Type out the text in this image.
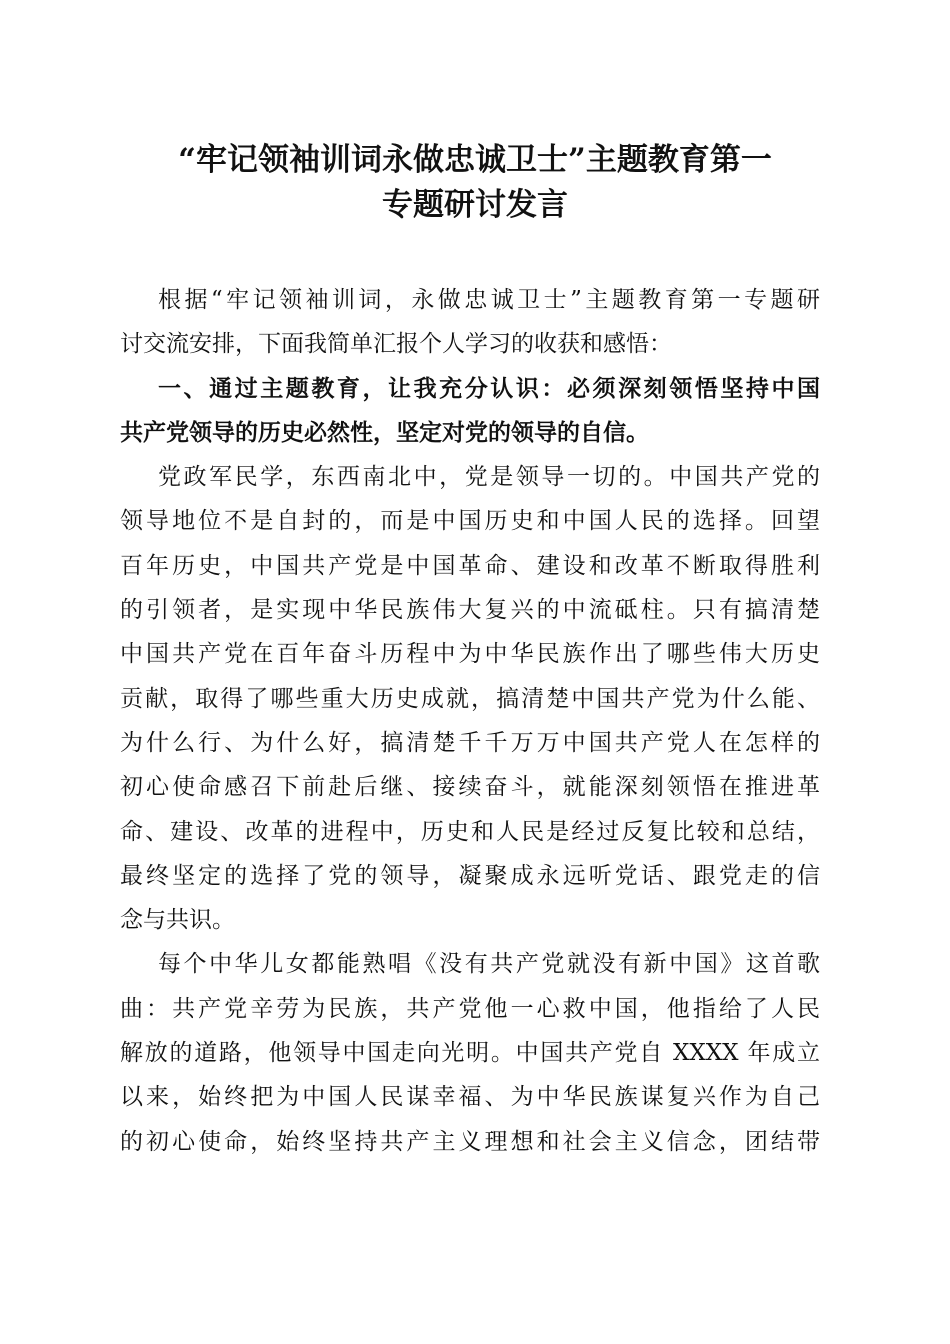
“牢记领袖训词永做忠诚卫士”主题教育第一
专题研讨发言
根据“牢记领袖训词，永做忠诚卫士”主题教育第一专题研
讨交流安排，下面我简单汇报个人学习的收获和感悟：
一、通过主题教育，让我充分认识：必须深刻领悟坚持中国
共产党领导的历史必然性，坚定对党的领导的自信。
党政军民学，东西南北中，党是领导一切的。中国共产党的
领导地位不是自封的，而是中国历史和中国人民的选择。回望
百年历史，中国共产党是中国革命、建设和改革不断取得胜利
的引领者，是实现中华民族伟大复兴的中流砥柱。只有搞清楚
中国共产党在百年奋斗历程中为中华民族作出了哪些伟大历史
贡献，取得了哪些重大历史成就，搞清楚中国共产党为什么能、
为什么行、为什么好，搞清楚千千万万中国共产党人在怎样的
初心使命感召下前赴后继、接续奋斗，就能深刻领悟在推进革
命、建设、改革的进程中，历史和人民是经过反复比较和总结，
最终坚定的选择了党的领导，凝聚成永远听党话、跟党走的信
念与共识。
每个中华儿女都能熟唱《没有共产党就没有新中国》这首歌
曲：共产党辛劳为民族，共产党他一心救中国，他指给了人民
解放的道路，他领导中国走向光明。中国共产党自 XXXX 年成立
以来，始终把为中国人民谋幸福、为中华民族谋复兴作为自己
的初心使命，始终坚持共产主义理想和社会主义信念，团结带
